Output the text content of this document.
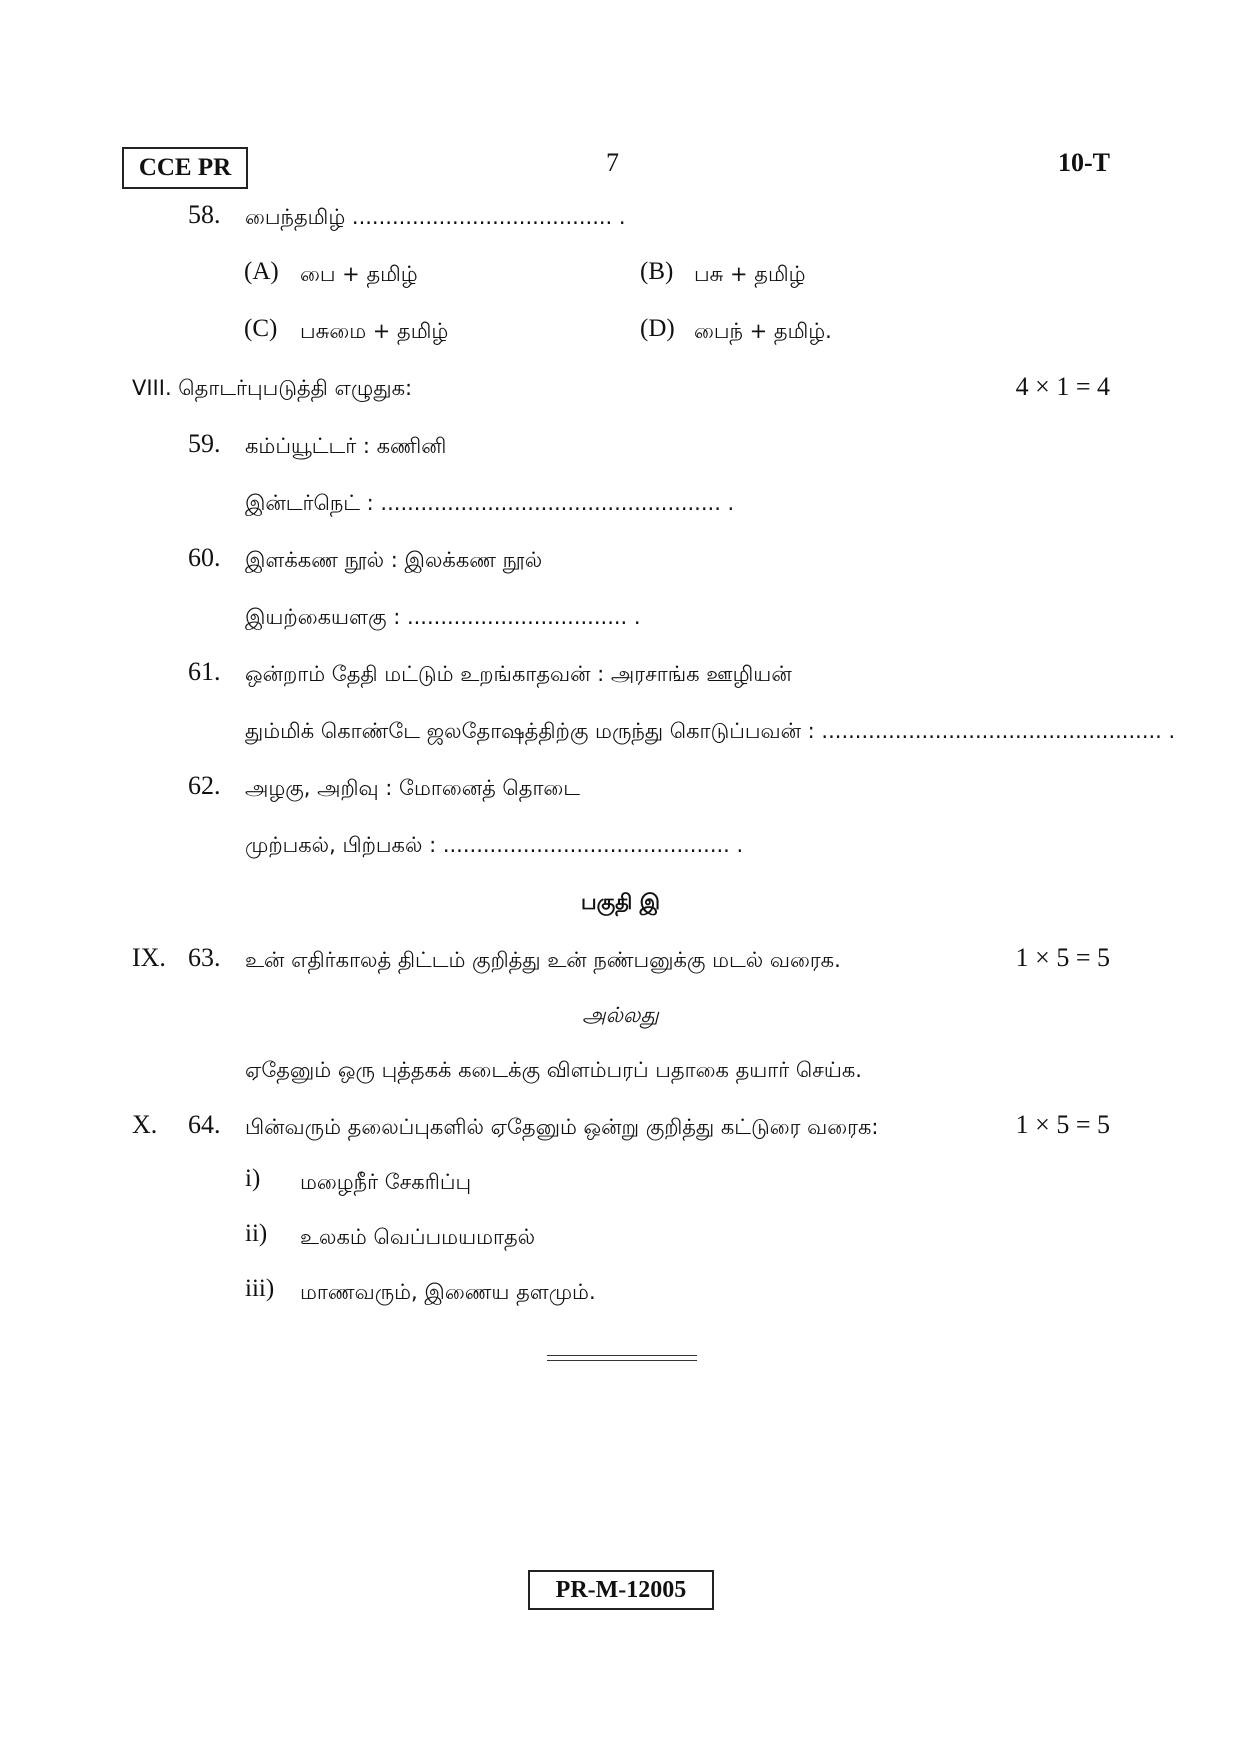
CCE PR	7	10-T
58. பைந்தமிழ் ....................................... .
(A) பை + தமிழ்	(B) பசு + தமிழ்
(C) பசுமை + தமிழ்	(D) பைந் + தமிழ்.
VIII. தொடர்புபடுத்தி எழுதுக:	4 × 1 = 4
59. கம்ப்யூட்டர் : கணினி
இன்டர்நெட் : ................................................... .
60. இளக்கண நூல் : இலக்கண நூல்
இயற்கையளகு : ................................. .
61. ஒன்றாம் தேதி மட்டும் உறங்காதவன் : அரசாங்க ஊழியன்
தும்மிக் கொண்டே ஜலதோஷத்திற்கு மருந்து கொடுப்பவன் : ................................................... .
62. அழகு, அறிவு : மோனைத் தொடை
முற்பகல், பிற்பகல் : ........................................... .
பகுதி இ
IX. 63. உன் எதிர்காலத் திட்டம் குறித்து உன் நண்பனுக்கு மடல் வரைக.	1 × 5 = 5
அல்லது
ஏதேனும் ஒரு புத்தகக் கடைக்கு விளம்பரப் பதாகை தயார் செய்க.
X. 64. பின்வரும் தலைப்புகளில் ஏதேனும் ஒன்று குறித்து கட்டுரை வரைக:	1 × 5 = 5
i) மழைநீர் சேகரிப்பு
ii) உலகம் வெப்பமயமாதல்
iii) மாணவரும், இணைய தளமும்.
PR-M-12005
